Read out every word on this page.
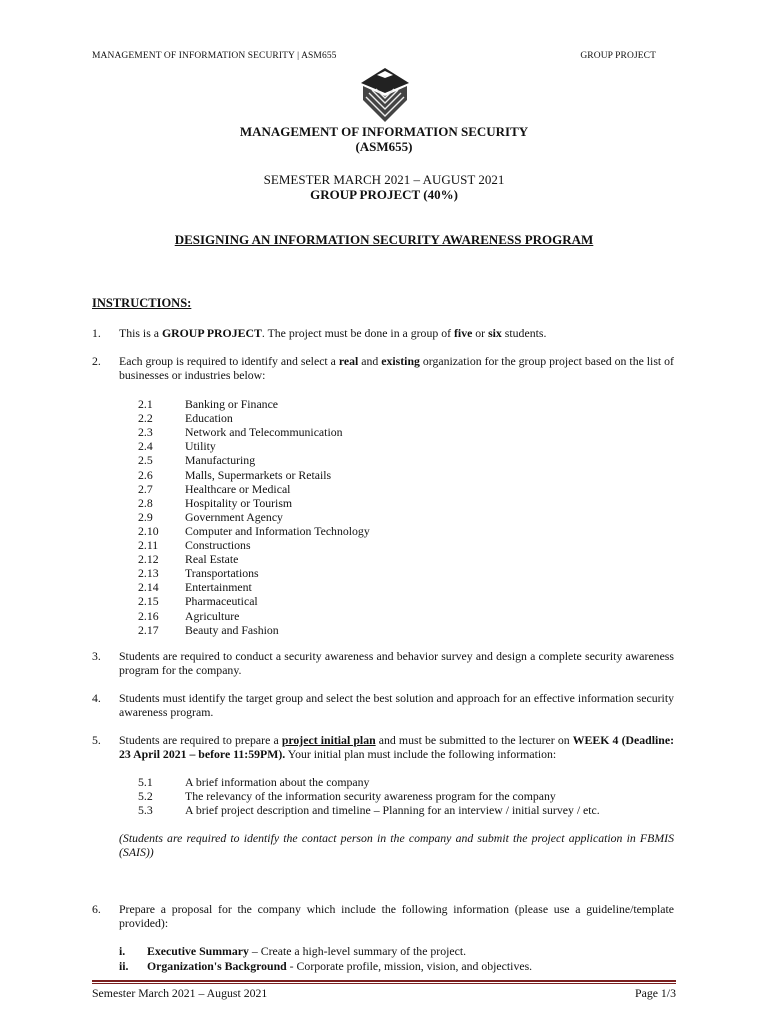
MANAGEMENT OF INFORMATION SECURITY | ASM655	GROUP PROJECT
MANAGEMENT OF INFORMATION SECURITY
(ASM655)
SEMESTER MARCH 2021 – AUGUST 2021
GROUP PROJECT (40%)
DESIGNING AN INFORMATION SECURITY AWARENESS PROGRAM
INSTRUCTIONS:
1. This is a GROUP PROJECT. The project must be done in a group of five or six students.
2. Each group is required to identify and select a real and existing organization for the group project based on the list of businesses or industries below:
2.1	Banking or Finance
2.2	Education
2.3	Network and Telecommunication
2.4	Utility
2.5	Manufacturing
2.6	Malls, Supermarkets or Retails
2.7	Healthcare or Medical
2.8	Hospitality or Tourism
2.9	Government Agency
2.10 Computer and Information Technology
2.11 Constructions
2.12 Real Estate
2.13 Transportations
2.14 Entertainment
2.15 Pharmaceutical
2.16 Agriculture
2.17 Beauty and Fashion
3. Students are required to conduct a security awareness and behavior survey and design a complete security awareness program for the company.
4. Students must identify the target group and select the best solution and approach for an effective information security awareness program.
5. Students are required to prepare a project initial plan and must be submitted to the lecturer on WEEK 4 (Deadline: 23 April 2021 – before 11:59PM). Your initial plan must include the following information:
5.1	A brief information about the company
5.2	The relevancy of the information security awareness program for the company
5.3	A brief project description and timeline – Planning for an interview / initial survey / etc.
(Students are required to identify the contact person in the company and submit the project application in FBMIS (SAIS))
6. Prepare a proposal for the company which include the following information (please use a guideline/template provided):
i. Executive Summary – Create a high-level summary of the project.
ii. Organization's Background - Corporate profile, mission, vision, and objectives.
Semester March 2021 – August 2021	Page 1/3
